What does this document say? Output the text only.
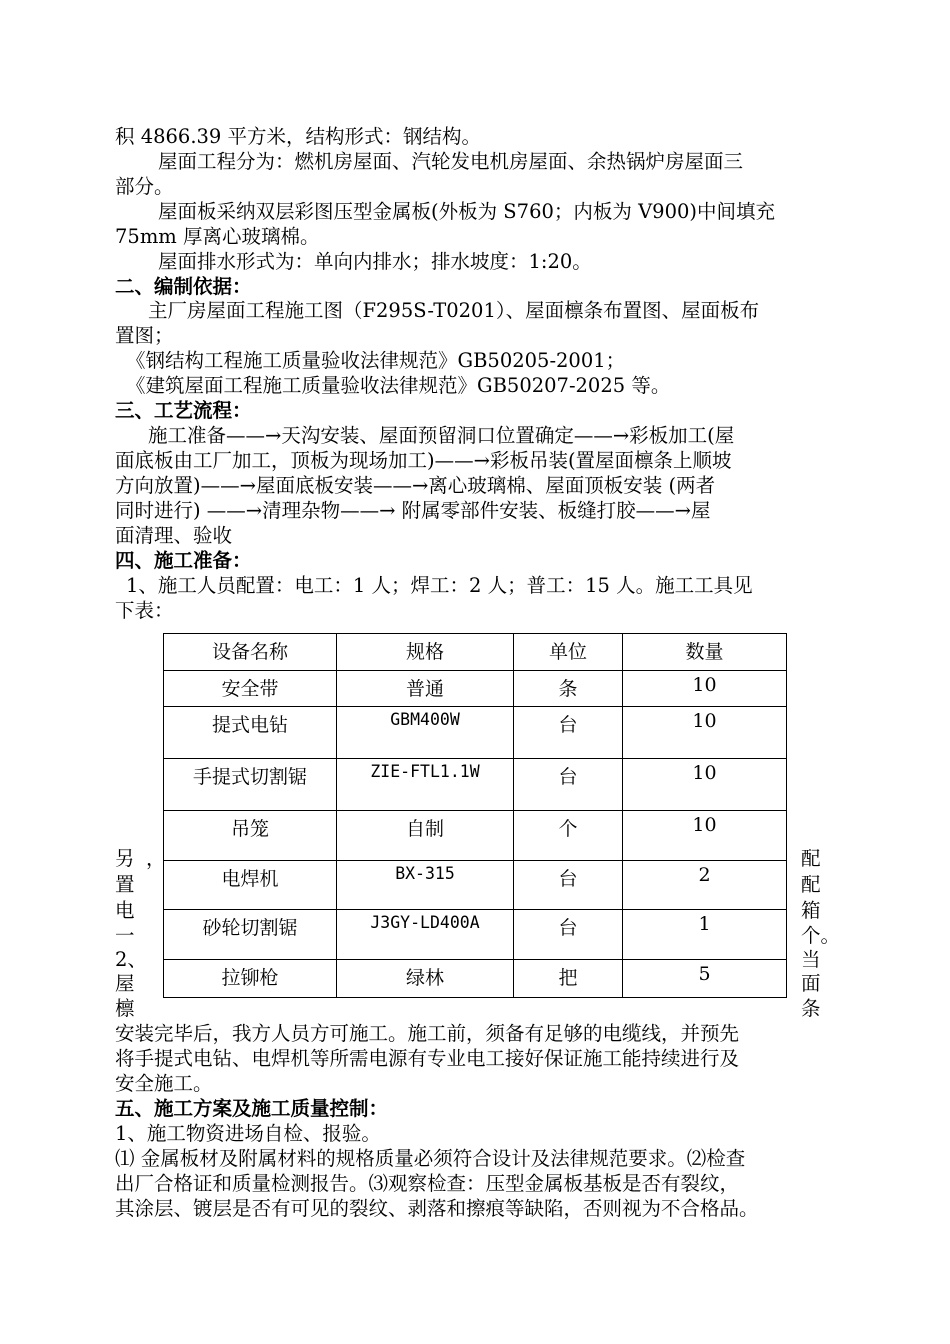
积 4866.39 平方米，结构形式：钢结构。
屋面工程分为：燃机房屋面、汽轮发电机房屋面、余热锅炉房屋面三
部分。
屋面板采纳双层彩图压型金属板(外板为 S760；内板为 V900)中间填充
75mm 厚离心玻璃棉。
屋面排水形式为：单向内排水；排水坡度：1:20。
二、编制依据：
主厂房屋面工程施工图（F295S-T0201）、屋面檩条布置图、屋面板布
置图；
《钢结构工程施工质量验收法律规范》GB50205-2001；
《建筑屋面工程施工质量验收法律规范》GB50207-2025 等。
三、工艺流程：
施工准备——→天沟安装、屋面预留洞口位置确定——→彩板加工(屋
面底板由工厂加工，顶板为现场加工)——→彩板吊装(置屋面檩条上顺坡
方向放置)——→屋面底板安装——→离心玻璃棉、屋面顶板安装 (两者
同时进行) ——→清理杂物——→ 附属零部件安装、板缝打胶——→屋
面清理、验收
四、施工准备：
1、施工人员配置：电工：1 人；焊工：2 人；普工：15 人。施工工具见
下表：
设备名称	规格	单位	数量
安全带	普通	条	10
提式电钻	GBM400W	台	10
手提式切割锯	ZIE-FTL1.1W	台	10
吊笼	自制	个	10
电焊机	BX-315	台	2
砂轮切割锯	J3GY-LD400A	台	1
拉铆枪	绿林	把	5
另 ，
置
电
一
2、
屋
檩
配
配
箱
个。
当
面
条
安装完毕后，我方人员方可施工。施工前，须备有足够的电缆线，并预先
将手提式电钻、电焊机等所需电源有专业电工接好保证施工能持续进行及
安全施工。
五、施工方案及施工质量控制：
1、施工物资进场自检、报验。
⑴ 金属板材及附属材料的规格质量必须符合设计及法律规范要求。⑵检查
出厂合格证和质量检测报告。⑶观察检查：压型金属板基板是否有裂纹，
其涂层、镀层是否有可见的裂纹、剥落和擦痕等缺陷，否则视为不合格品。
